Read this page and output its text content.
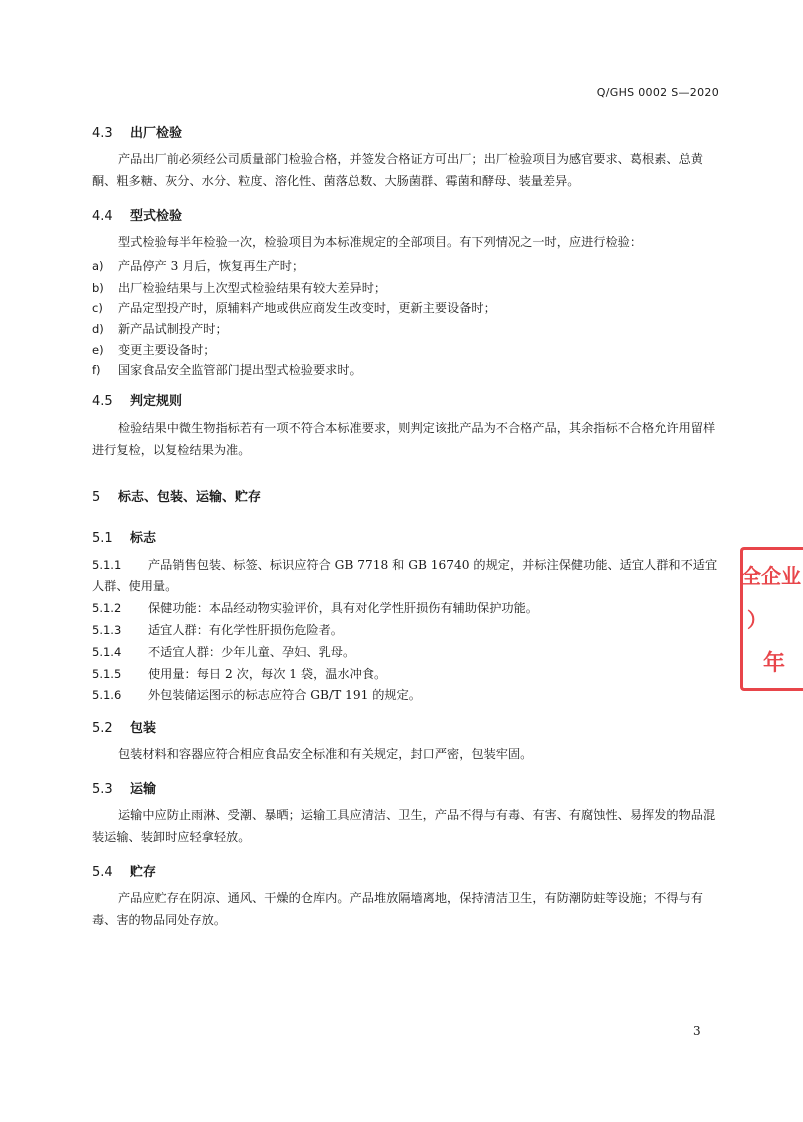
Q/GHS 0002 S—2020
4.3 出厂检验
产品出厂前必须经公司质量部门检验合格，并签发合格证方可出厂；出厂检验项目为感官要求、葛根素、总黄酮、粗多糖、灰分、水分、粒度、溶化性、菌落总数、大肠菌群、霉菌和酵母、装量差异。
4.4 型式检验
型式检验每半年检验一次，检验项目为本标准规定的全部项目。有下列情况之一时，应进行检验：
a) 产品停产 3 月后，恢复再生产时；
b) 出厂检验结果与上次型式检验结果有较大差异时；
c) 产品定型投产时，原辅料产地或供应商发生改变时，更新主要设备时；
d) 新产品试制投产时；
e) 变更主要设备时；
f) 国家食品安全监管部门提出型式检验要求时。
4.5 判定规则
检验结果中微生物指标若有一项不符合本标准要求，则判定该批产品为不合格产品，其余指标不合格允许用留样进行复检，以复检结果为准。
5 标志、包装、运输、贮存
5.1 标志
5.1.1 产品销售包装、标签、标识应符合 GB 7718 和 GB 16740 的规定，并标注保健功能、适宜人群和不适宜人群、使用量。
5.1.2 保健功能：本品经动物实验评价，具有对化学性肝损伤有辅助保护功能。
5.1.3 适宜人群：有化学性肝损伤危险者。
5.1.4 不适宜人群：少年儿童、孕妇、乳母。
5.1.5 使用量：每日 2 次，每次 1 袋，温水冲食。
5.1.6 外包装储运图示的标志应符合 GB/T 191 的规定。
5.2 包装
包装材料和容器应符合相应食品安全标准和有关规定，封口严密，包装牢固。
5.3 运输
运输中应防止雨淋、受潮、暴晒；运输工具应清洁、卫生，产品不得与有毒、有害、有腐蚀性、易挥发的物品混装运输、装卸时应轻拿轻放。
5.4 贮存
产品应贮存在阴凉、通风、干燥的仓库内。产品堆放隔墙离地，保持清洁卫生，有防潮防蛀等设施；不得与有毒、害的物品同处存放。
全企业
）
年
3
